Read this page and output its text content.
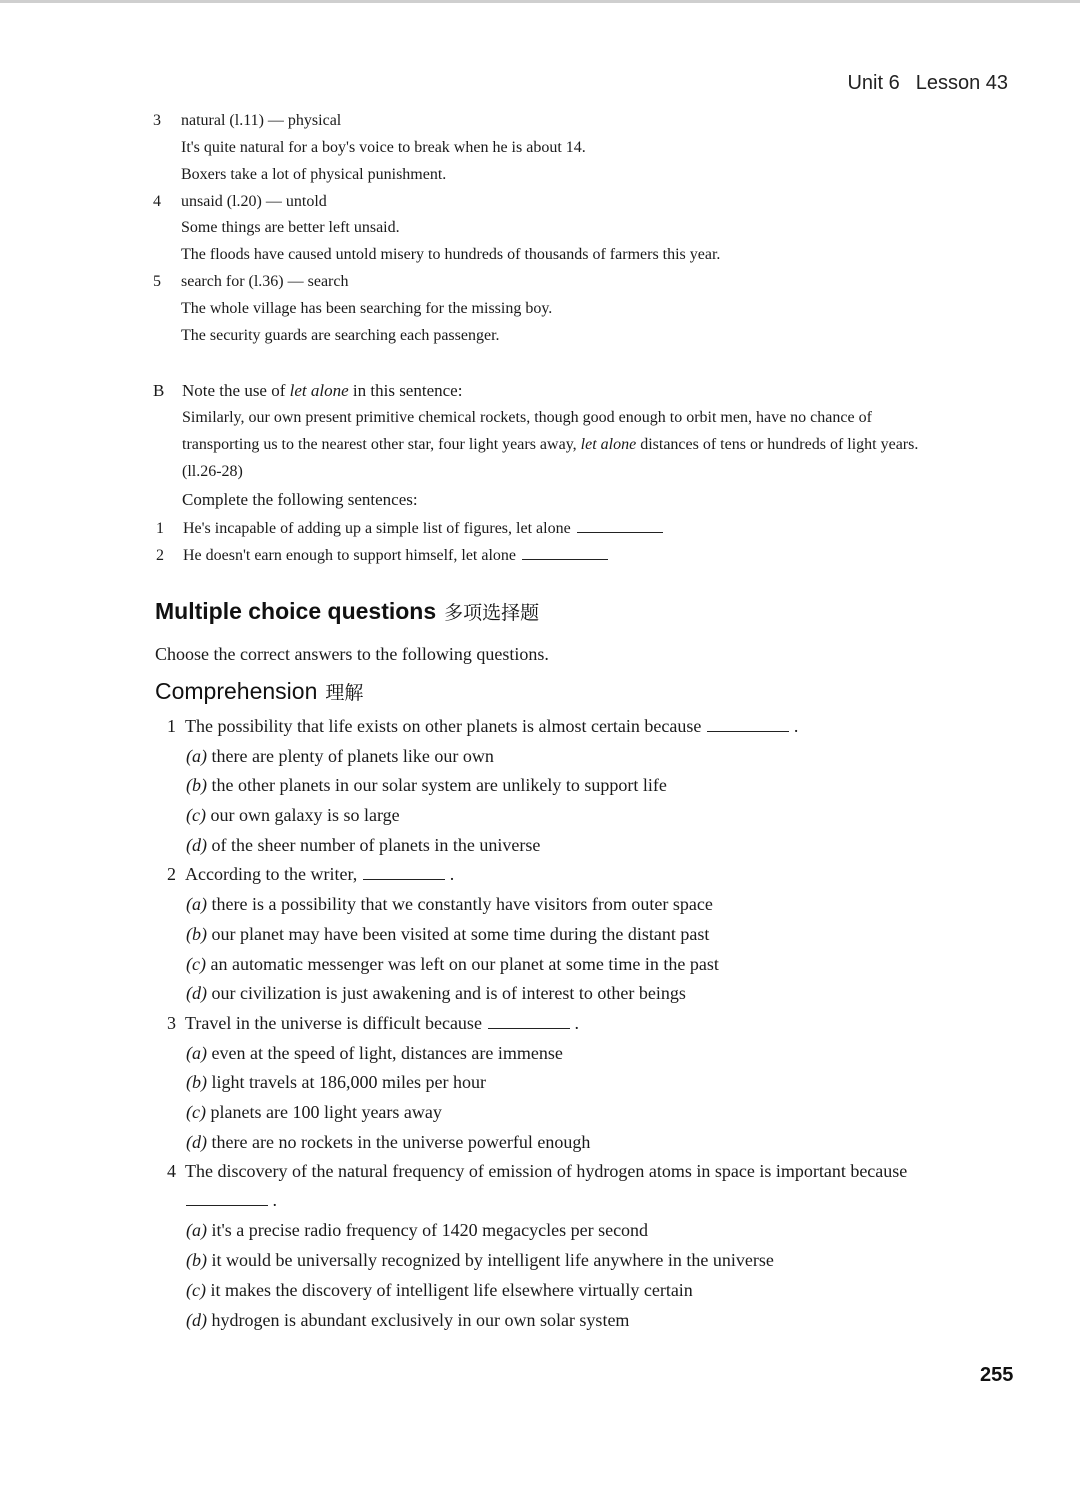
Unit 6 Lesson 43
3 natural (l.11) — physical
It's quite natural for a boy's voice to break when he is about 14.
Boxers take a lot of physical punishment.
4 unsaid (l.20) — untold
Some things are better left unsaid.
The floods have caused untold misery to hundreds of thousands of farmers this year.
5 search for (l.36) — search
The whole village has been searching for the missing boy.
The security guards are searching each passenger.
B Note the use of let alone in this sentence:
Similarly, our own present primitive chemical rockets, though good enough to orbit men, have no chance of
transporting us to the nearest other star, four light years away, let alone distances of tens or hundreds of light years.
(ll.26-28)
Complete the following sentences:
1 He's incapable of adding up a simple list of figures, let alone
2 He doesn't earn enough to support himself, let alone
Multiple choice questions 多项选择题
Choose the correct answers to the following questions.
Comprehension 理解
1 The possibility that life exists on other planets is almost certain because	.
(a) there are plenty of planets like our own
(b) the other planets in our solar system are unlikely to support life
(c) our own galaxy is so large
(d) of the sheer number of planets in the universe
2 According to the writer,	.
(a) there is a possibility that we constantly have visitors from outer space
(b) our planet may have been visited at some time during the distant past
(c) an automatic messenger was left on our planet at some time in the past
(d) our civilization is just awakening and is of interest to other beings
3 Travel in the universe is difficult because	.
(a) even at the speed of light, distances are immense
(b) light travels at 186,000 miles per hour
(c) planets are 100 light years away
(d) there are no rockets in the universe powerful enough
4 The discovery of the natural frequency of emission of hydrogen atoms in space is important because
.
(a) it's a precise radio frequency of 1420 megacycles per second
(b) it would be universally recognized by intelligent life anywhere in the universe
(c) it makes the discovery of intelligent life elsewhere virtually certain
(d) hydrogen is abundant exclusively in our own solar system
255
